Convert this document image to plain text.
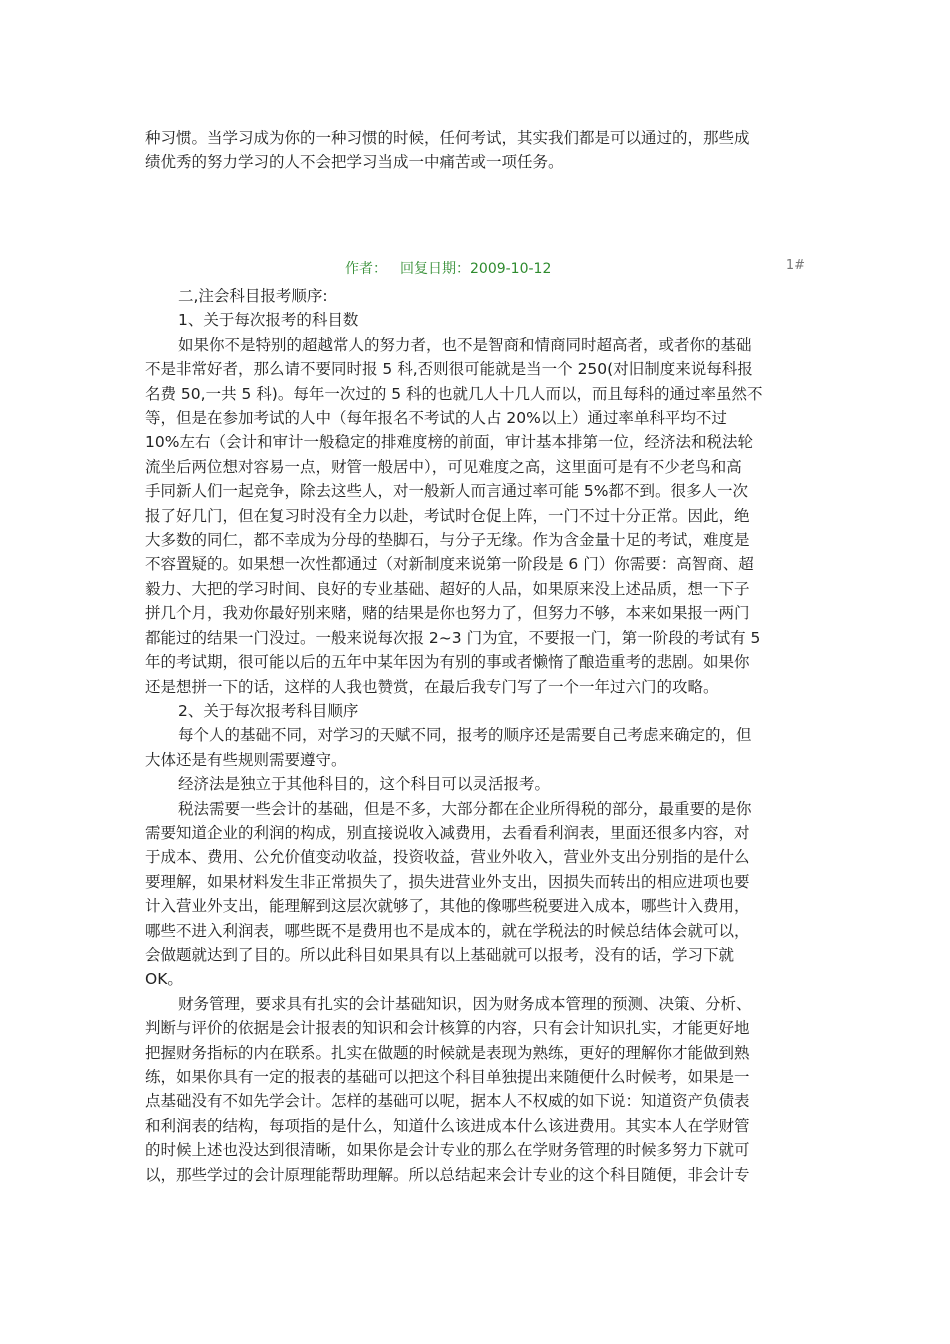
种习惯。当学习成为你的一种习惯的时候，任何考试，其实我们都是可以通过的，那些成
绩优秀的努力学习的人不会把学习当成一中痛苦或一项任务。
作者： 回复日期：2009-10-12	1#
二,注会科目报考顺序:
1、关于每次报考的科目数
如果你不是特别的超越常人的努力者，也不是智商和情商同时超高者，或者你的基础
不是非常好者，那么请不要同时报 5 科,否则很可能就是当一个 250(对旧制度来说每科报
名费 50,一共 5 科)。每年一次过的 5 科的也就几人十几人而以，而且每科的通过率虽然不
等，但是在参加考试的人中（每年报名不考试的人占 20%以上）通过率单科平均不过
10%左右（会计和审计一般稳定的排难度榜的前面，审计基本排第一位，经济法和税法轮
流坐后两位想对容易一点，财管一般居中），可见难度之高，这里面可是有不少老鸟和高
手同新人们一起竞争，除去这些人，对一般新人而言通过率可能 5%都不到。很多人一次
报了好几门，但在复习时没有全力以赴，考试时仓促上阵，一门不过十分正常。因此，绝
大多数的同仁，都不幸成为分母的垫脚石，与分子无缘。作为含金量十足的考试，难度是
不容置疑的。如果想一次性都通过（对新制度来说第一阶段是 6 门）你需要：高智商、超
毅力、大把的学习时间、良好的专业基础、超好的人品，如果原来没上述品质，想一下子
拼几个月，我劝你最好别来赌，赌的结果是你也努力了，但努力不够，本来如果报一两门
都能过的结果一门没过。一般来说每次报 2~3 门为宜，不要报一门，第一阶段的考试有 5
年的考试期，很可能以后的五年中某年因为有别的事或者懒惰了酿造重考的悲剧。如果你
还是想拼一下的话，这样的人我也赞赏，在最后我专门写了一个一年过六门的攻略。
2、关于每次报考科目顺序
每个人的基础不同，对学习的天赋不同，报考的顺序还是需要自己考虑来确定的，但
大体还是有些规则需要遵守。
经济法是独立于其他科目的，这个科目可以灵活报考。
税法需要一些会计的基础，但是不多，大部分都在企业所得税的部分，最重要的是你
需要知道企业的利润的构成，别直接说收入减费用，去看看利润表，里面还很多内容，对
于成本、费用、公允价值变动收益，投资收益，营业外收入，营业外支出分别指的是什么
要理解，如果材料发生非正常损失了，损失进营业外支出，因损失而转出的相应进项也要
计入营业外支出，能理解到这层次就够了，其他的像哪些税要进入成本，哪些计入费用，
哪些不进入利润表，哪些既不是费用也不是成本的，就在学税法的时候总结体会就可以，
会做题就达到了目的。所以此科目如果具有以上基础就可以报考，没有的话，学习下就
OK。
财务管理，要求具有扎实的会计基础知识，因为财务成本管理的预测、决策、分析、
判断与评价的依据是会计报表的知识和会计核算的内容，只有会计知识扎实，才能更好地
把握财务指标的内在联系。扎实在做题的时候就是表现为熟练，更好的理解你才能做到熟
练，如果你具有一定的报表的基础可以把这个科目单独提出来随便什么时候考，如果是一
点基础没有不如先学会计。怎样的基础可以呢，据本人不权威的如下说：知道资产负债表
和利润表的结构，每项指的是什么，知道什么该进成本什么该进费用。其实本人在学财管
的时候上述也没达到很清晰，如果你是会计专业的那么在学财务管理的时候多努力下就可
以，那些学过的会计原理能帮助理解。所以总结起来会计专业的这个科目随便，非会计专
